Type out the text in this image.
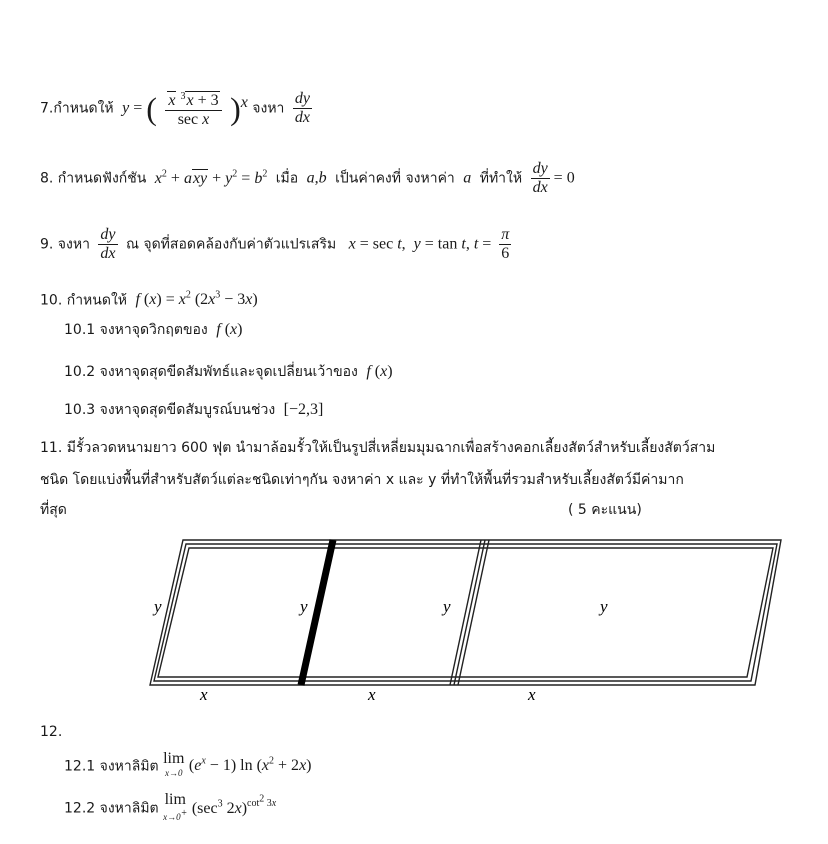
7.กำหนดให้  y = ( $\frac{x ^3x + 3}{\text{sec x}} )^x$ จงหา $\frac{dy}{dx}$
8. กำหนดฟังก์ชัน $x^2$ + axy + $y^2 = b^2$ เมื่อ  a,b  เป็นค่าคงที่ จงหาค่า  a  ที่ทำให้ $\frac{dy}{dx} = 0$
9. จงหา $\frac{dy}{dx}$ ณ จุดที่สอดคล้องกับค่าตัวแปรเสริม x = sec t,  y = tan t, $t = \frac{\pi}{6}$
10. กำหนดให้ f $(x) = x^2$ $(2x^3 - 3x)$
10.1 จงหาจุดวิกฤตของ f (x)
10.2 จงหาจุดสุดขีดสัมพัทธ์และจุดเปลี่ยนเว้าของ f (x)
10.3 จงหาจุดสุดขีดสัมบูรณ์บนช่วง  [−2,3]
11. มีรั้วลวดหนามยาว 600 ฟุต นำมาล้อมรั้วให้เป็นรูปสี่เหลี่ยมมุมฉากเพื่อสร้างคอกเลี้ยงสัตว์สำหรับเลี้ยงสัตว์สาม
ชนิด โดยแบ่งพื้นที่สำหรับสัตว์แต่ละชนิดเท่าๆกัน จงหาค่า x และ y ที่ทำให้พื้นที่รวมสำหรับเลี้ยงสัตว์มีค่ามาก
ที่สุด	( 5 คะแนน)
y	y	y	y
x	x	x
12.
12.1 จงหาลิมิต lim
x→0 $(e^x - 1)$ $\ln (x^2 + 2x)$
12.2 จงหาลิมิต lim
x→0+ ($\sec^3$ 2x)$^{cot^2 3x}$
